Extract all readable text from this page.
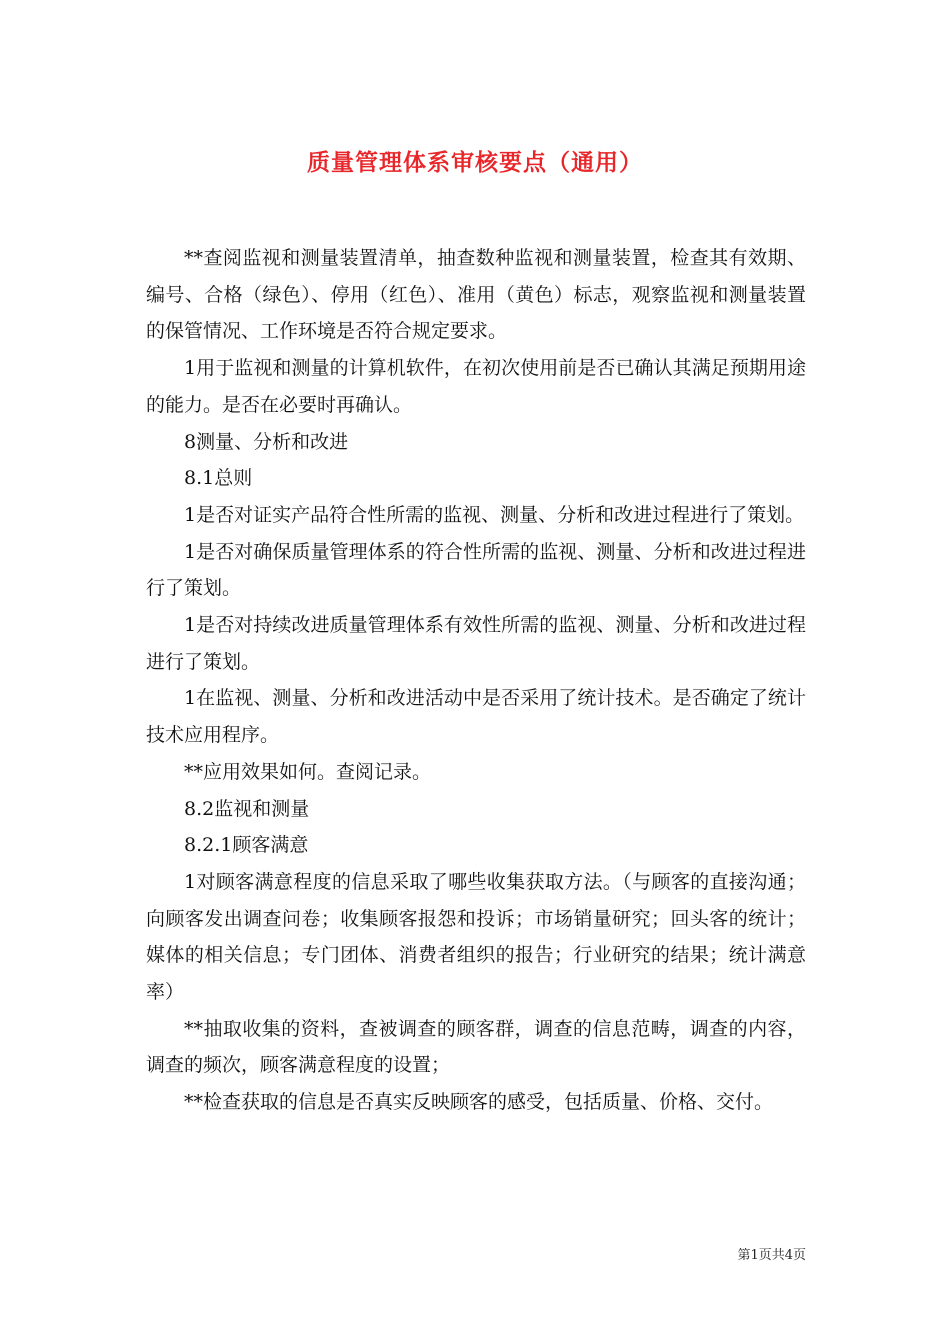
质量管理体系审核要点（通用）

**查阅监视和测量装置清单，抽查数种监视和测量装置，检查其有效期、编号、合格（绿色）、停用（红色）、准用（黄色）标志，观察监视和测量装置的保管情况、工作环境是否符合规定要求。

1用于监视和测量的计算机软件，在初次使用前是否已确认其满足预期用途的能力。是否在必要时再确认。

8测量、分析和改进

8.1总则

1是否对证实产品符合性所需的监视、测量、分析和改进过程进行了策划。

1是否对确保质量管理体系的符合性所需的监视、测量、分析和改进过程进行了策划。

1是否对持续改进质量管理体系有效性所需的监视、测量、分析和改进过程进行了策划。

1在监视、测量、分析和改进活动中是否采用了统计技术。是否确定了统计技术应用程序。

**应用效果如何。查阅记录。

8.2监视和测量

8.2.1顾客满意

1对顾客满意程度的信息采取了哪些收集获取方法。（与顾客的直接沟通；向顾客发出调查问卷；收集顾客报怨和投诉；市场销量研究；回头客的统计；媒体的相关信息；专门团体、消费者组织的报告；行业研究的结果；统计满意率）

**抽取收集的资料，查被调查的顾客群，调查的信息范畴，调查的内容，调查的频次，顾客满意程度的设置；

**检查获取的信息是否真实反映顾客的感受，包括质量、价格、交付。

第1页共4页
